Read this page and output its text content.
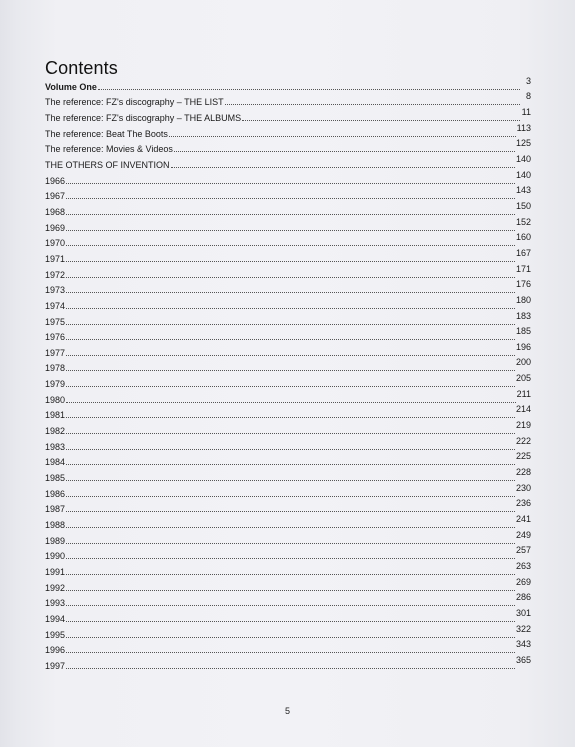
Contents
Volume One
3
The reference: FZ's discography – THE LIST
8
The reference: FZ's discography – THE ALBUMS
11
The reference: Beat The Boots
113
The reference: Movies & Videos
125
THE OTHERS OF INVENTION
140
1966
140
1967
143
1968
150
1969
152
1970
160
1971
167
1972
171
1973
176
1974
180
1975
183
1976
185
1977
196
1978
200
1979
205
1980
211
1981
214
1982
219
1983
222
1984
225
1985
228
1986
230
1987
236
1988
241
1989
249
1990
257
1991
263
1992
269
1993
286
1994
301
1995
322
1996
343
1997
365
5
